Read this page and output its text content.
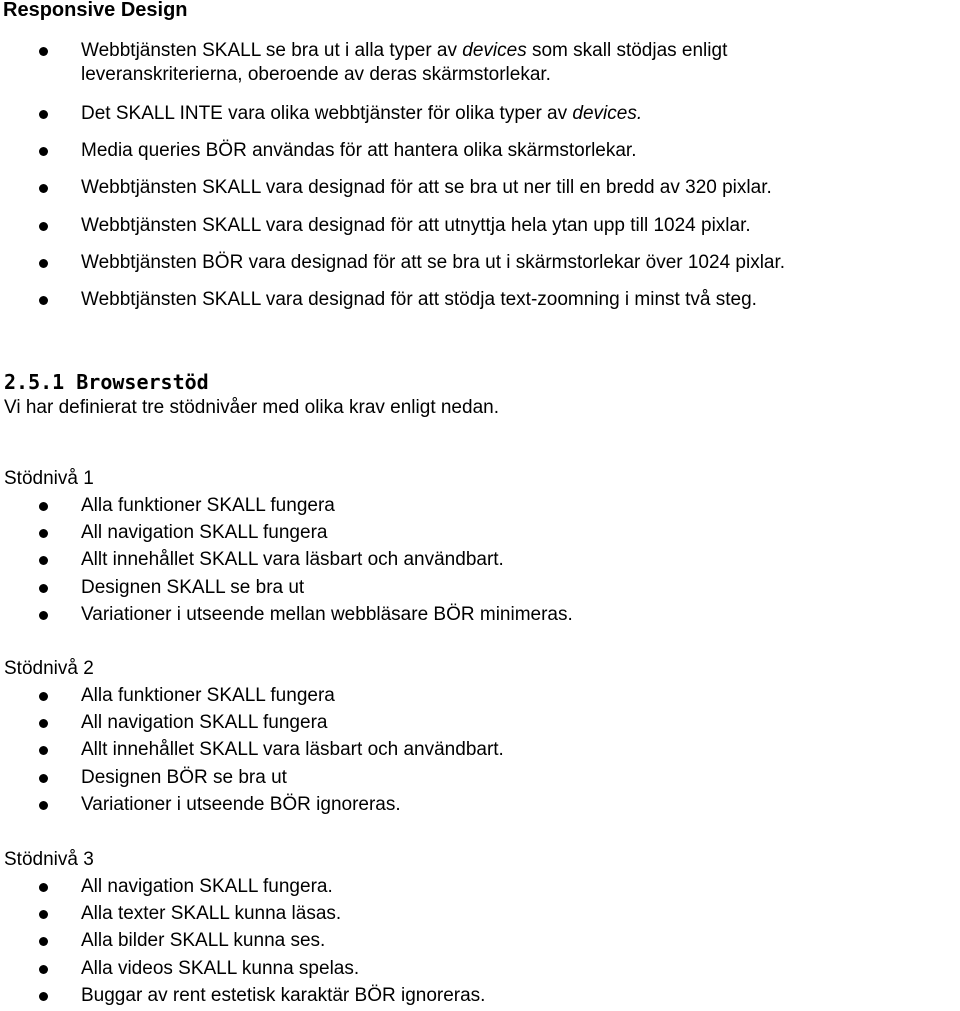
Responsive Design
Webbtjänsten SKALL se bra ut i alla typer av devices som skall stödjas enligt
leveranskriterierna, oberoende av deras skärmstorlekar.
Det SKALL INTE vara olika webbtjänster för olika typer av devices.
Media queries BÖR användas för att hantera olika skärmstorlekar.
Webbtjänsten SKALL vara designad för att se bra ut ner till en bredd av 320 pixlar.
Webbtjänsten SKALL vara designad för att utnyttja hela ytan upp till 1024 pixlar.
Webbtjänsten BÖR vara designad för att se bra ut i skärmstorlekar över 1024 pixlar.
Webbtjänsten SKALL vara designad för att stödja text-zoomning i minst två steg.
2.5.1 Browserstöd
Vi har definierat tre stödnivåer med olika krav enligt nedan.
Stödnivå 1
Alla funktioner SKALL fungera
All navigation SKALL fungera
Allt innehållet SKALL vara läsbart och användbart.
Designen SKALL se bra ut
Variationer i utseende mellan webbläsare BÖR minimeras.
Stödnivå 2
Alla funktioner SKALL fungera
All navigation SKALL fungera
Allt innehållet SKALL vara läsbart och användbart.
Designen BÖR se bra ut
Variationer i utseende BÖR ignoreras.
Stödnivå 3
All navigation SKALL fungera.
Alla texter SKALL kunna läsas.
Alla bilder SKALL kunna ses.
Alla videos SKALL kunna spelas.
Buggar av rent estetisk karaktär BÖR ignoreras.
